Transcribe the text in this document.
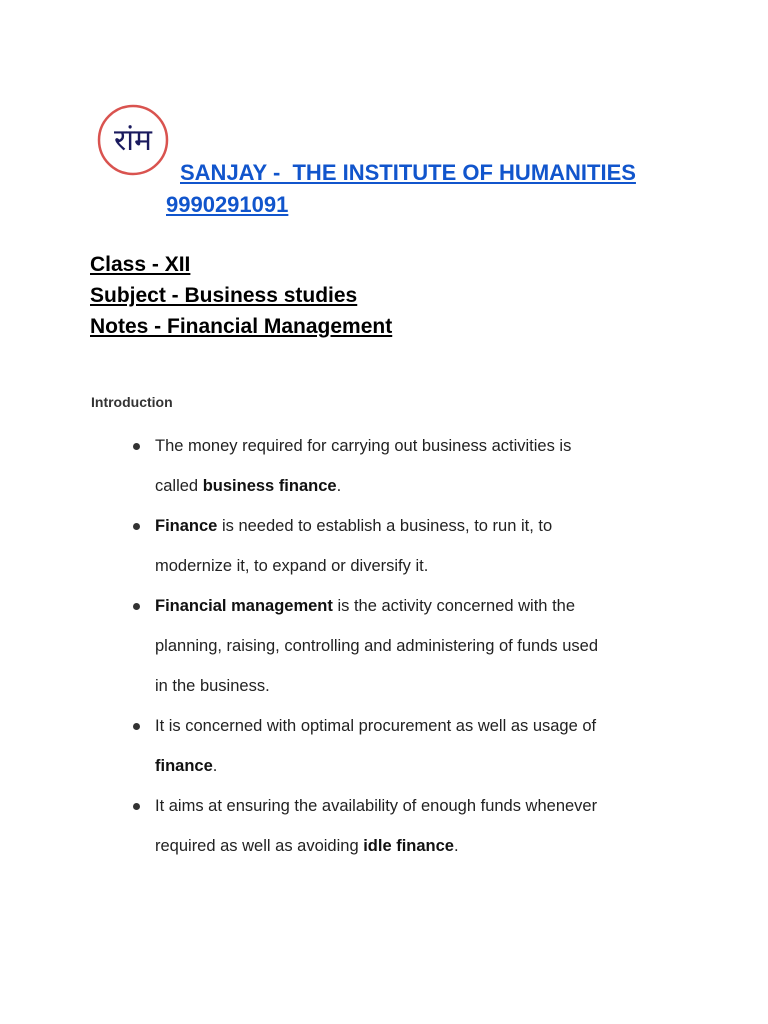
रांम
SANJAY -  THE INSTITUTE OF HUMANITIES
9990291091
Class - XII
Subject - Business studies
Notes - Financial Management
Introduction
The money required for carrying out business activities is
called business finance.
Finance is needed to establish a business, to run it, to
modernize it, to expand or diversify it.
Financial management is the activity concerned with the
planning, raising, controlling and administering of funds used
in the business.
It is concerned with optimal procurement as well as usage of
finance.
It aims at ensuring the availability of enough funds whenever
required as well as avoiding idle finance.
